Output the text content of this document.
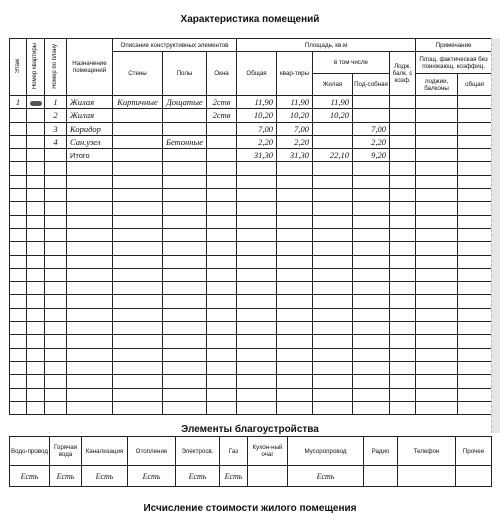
Характеристика помещений
Этаж	Номер квартиры	Номер по плану	Назначение помещений	Описание конструктивных элементов			Площадь, кв.м					Примечание	
				Стены	Полы	Окна	Общая	квар-тиры	в том числе		Лодж. балк. с коэф.	Площ. фактическая без понижающ. коэффиц.	
									Жилая	Под-собная		лоджии, балконы	общая
1		1	Жилая	Кирпичные	Дощатые	2ств	11,90	11,90	11,90				
		2	Жилая			2ств	10,20	10,20	10,20				
		3	Коридор				7,00	7,00		7,00			
		4	Сан.узел		Бетонные		2,20	2,20		2,20			
			Итого				31,30	31,30	22,10	9,20			

Элементы благоустройства
Водо-провод	Горячая вода	Канализация	Отопление	Электросв.	Газ	Кухон-ный очаг	Мусоропровод	Радио	Телефон	Прочее
Есть	Есть	Есть	Есть	Есть	Есть		Есть			
Исчисление стоимости жилого помещения
